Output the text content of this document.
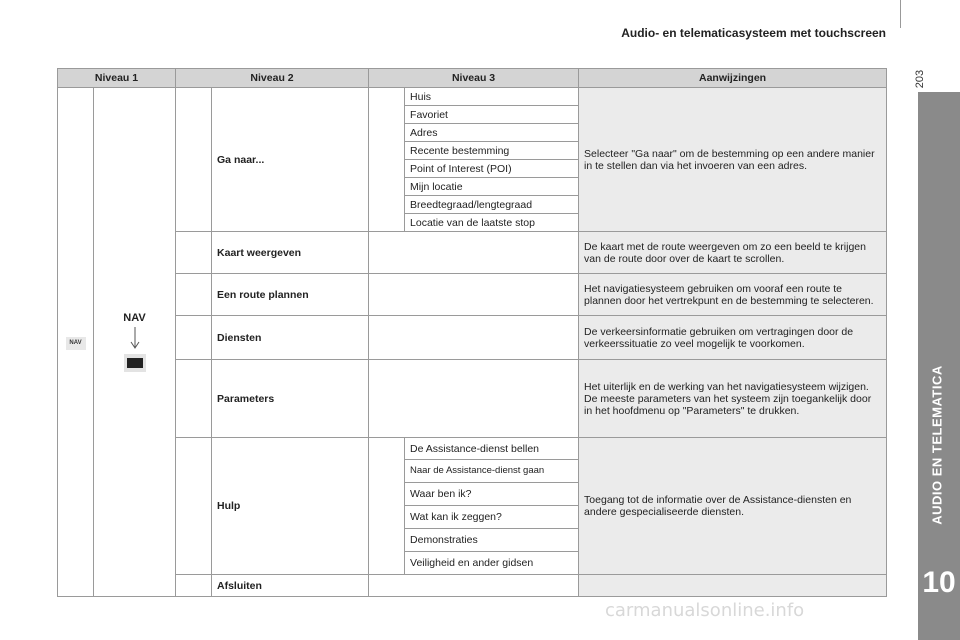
Audio- en telematicasysteem met touchscreen
203
AUDIO EN TELEMATICA
10
Niveau 1		Niveau 2		Niveau 3		Aanwijzingen
NAV	NAV		Ga naar...		Huis	Selecteer "Ga naar" om de bestemming op een andere manier in te stellen dan via het invoeren van een adres.
					Favoriet	
					Adres	
					Recente bestemming	
					Point of Interest (POI)	
					Mijn locatie	
					Breedtegraad/lengtegraad	
					Locatie van de laatste stop	
			Kaart weergeven			De kaart met de route weergeven om zo een beeld te krijgen van de route door over de kaart te scrollen.
			Een route plannen			Het navigatiesysteem gebruiken om vooraf een route te plannen door het vertrekpunt en de bestemming te selecteren.
			Diensten			De verkeersinformatie gebruiken om vertragingen door de verkeerssituatie zo veel mogelijk te voorkomen.
			Parameters			Het uiterlijk en de werking van het navigatiesysteem wijzigen.
De meeste parameters van het systeem zijn toegankelijk door in het hoofdmenu op "Parameters" te drukken.
			Hulp		De Assistance-dienst bellen	Toegang tot de informatie over de Assistance-diensten en andere gespecialiseerde diensten.
					Naar de Assistance-dienst gaan	
					Waar ben ik?	
					Wat kan ik zeggen?	
					Demonstraties	
					Veiligheid en ander gidsen	
			Afsluiten			
carmanualsonline.info
